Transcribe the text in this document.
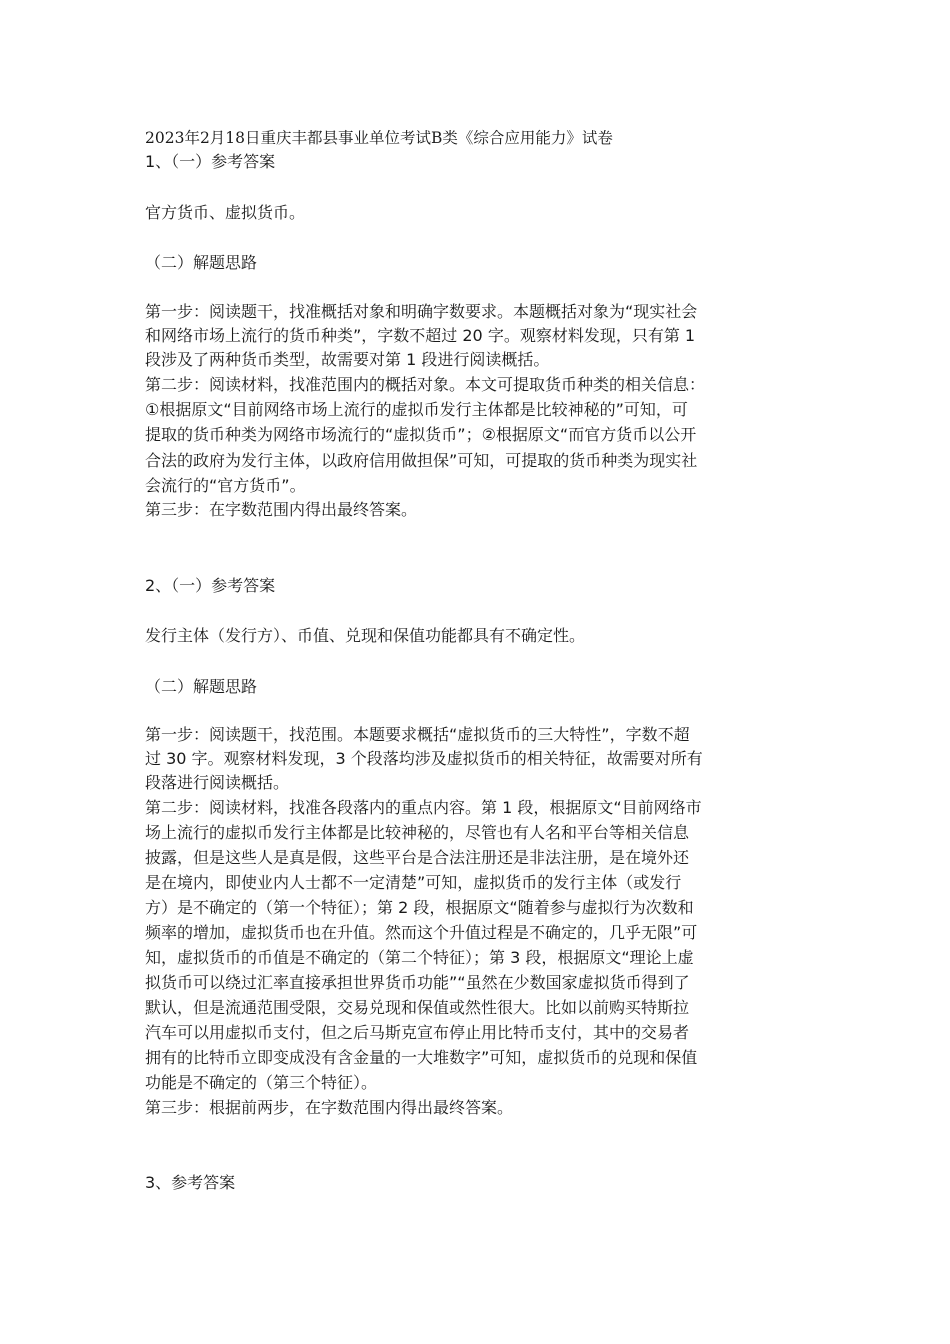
2023年2月18日重庆丰都县事业单位考试B类《综合应用能力》试卷
1、（一）参考答案
官方货币、虚拟货币。
（二）解题思路
第一步：阅读题干，找准概括对象和明确字数要求。本题概括对象为“现实社会
和网络市场上流行的货币种类”，字数不超过 20 字。观察材料发现，只有第 1
段涉及了两种货币类型，故需要对第 1 段进行阅读概括。
第二步：阅读材料，找准范围内的概括对象。本文可提取货币种类的相关信息：
①根据原文“目前网络市场上流行的虚拟币发行主体都是比较神秘的”可知，可
提取的货币种类为网络市场流行的“虚拟货币”；②根据原文“而官方货币以公开
合法的政府为发行主体，以政府信用做担保”可知，可提取的货币种类为现实社
会流行的“官方货币”。
第三步：在字数范围内得出最终答案。
2、（一）参考答案
发行主体（发行方）、币值、兑现和保值功能都具有不确定性。
（二）解题思路
第一步：阅读题干，找范围。本题要求概括“虚拟货币的三大特性”，字数不超
过 30 字。观察材料发现，3 个段落均涉及虚拟货币的相关特征，故需要对所有
段落进行阅读概括。
第二步：阅读材料，找准各段落内的重点内容。第 1 段，根据原文“目前网络市
场上流行的虚拟币发行主体都是比较神秘的，尽管也有人名和平台等相关信息
披露，但是这些人是真是假，这些平台是合法注册还是非法注册，是在境外还
是在境内，即使业内人士都不一定清楚”可知，虚拟货币的发行主体（或发行
方）是不确定的（第一个特征）；第 2 段，根据原文“随着参与虚拟行为次数和
频率的增加，虚拟货币也在升值。然而这个升值过程是不确定的，几乎无限”可
知，虚拟货币的币值是不确定的（第二个特征）；第 3 段，根据原文“理论上虚
拟货币可以绕过汇率直接承担世界货币功能”“虽然在少数国家虚拟货币得到了
默认，但是流通范围受限，交易兑现和保值或然性很大。比如以前购买特斯拉
汽车可以用虚拟币支付，但之后马斯克宣布停止用比特币支付，其中的交易者
拥有的比特币立即变成没有含金量的一大堆数字”可知，虚拟货币的兑现和保值
功能是不确定的（第三个特征）。
第三步：根据前两步，在字数范围内得出最终答案。
3、参考答案
